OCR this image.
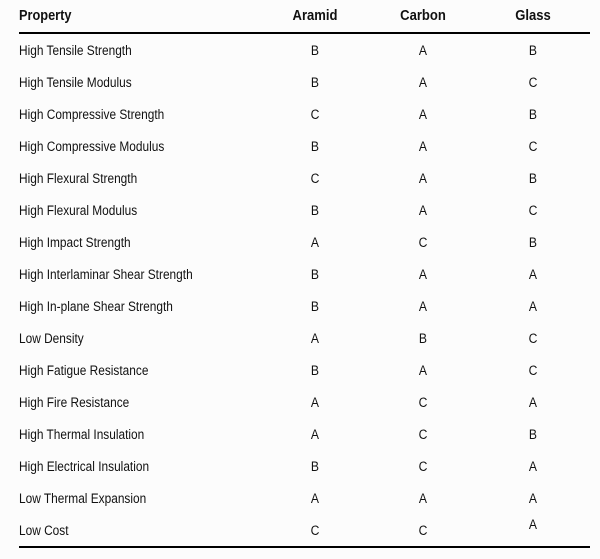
Property	Aramid	Carbon	Glass
High Tensile Strength	B	A	B
High Tensile Modulus	B	A	C
High Compressive Strength	C	A	B
High Compressive Modulus	B	A	C
High Flexural Strength	C	A	B
High Flexural Modulus	B	A	C
High Impact Strength	A	C	B
High Interlaminar Shear Strength	B	A	A
High In-plane Shear Strength	B	A	A
Low Density	A	B	C
High Fatigue Resistance	B	A	C
High Fire Resistance	A	C	A
High Thermal Insulation	A	C	B
High Electrical Insulation	B	C	A
Low Thermal Expansion	A	A	A
Low Cost	C	C	A
